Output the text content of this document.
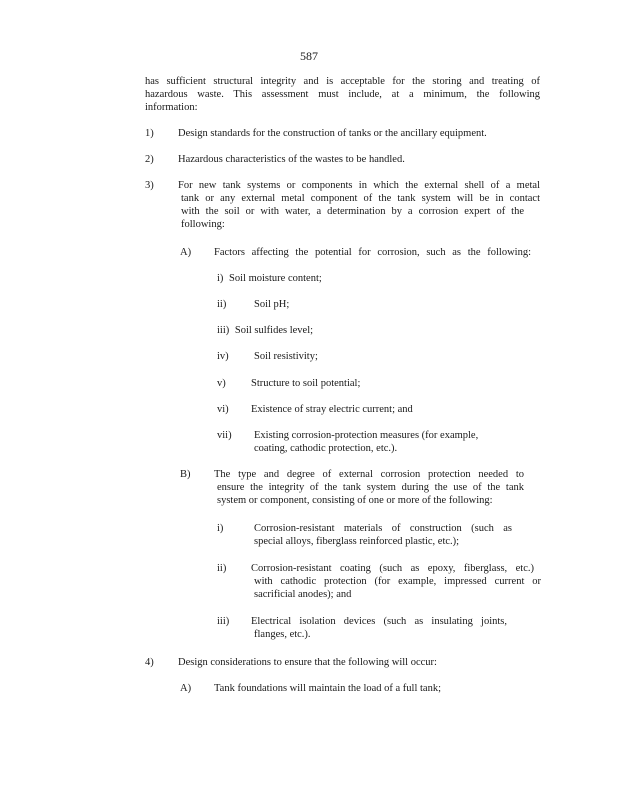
587
has sufficient structural integrity and is acceptable for the storing and treating of
hazardous waste. This assessment must include, at a minimum, the following
information:
1) Design standards for the construction of tanks or the ancillary equipment.
2) Hazardous characteristics of the wastes to be handled.
3) For new tank systems or components in which the external shell of a metal
tank or any external metal component of the tank system will be in contact
with the soil or with water, a determination by a corrosion expert of the
following:
A) Factors affecting the potential for corrosion, such as the following:
i) Soil moisture content;
ii)	Soil pH;
iii) Soil sulfides level;
iv) Soil resistivity;
v) Structure to soil potential;
vi) Existence of stray electric current; and
vii) Existing corrosion-protection measures (for example,
coating, cathodic protection, etc.).
B) The type and degree of external corrosion protection needed to
ensure the integrity of the tank system during the use of the tank
system or component, consisting of one or more of the following:
i)	Corrosion-resistant materials of construction (such as
special alloys, fiberglass reinforced plastic, etc.);
ii) Corrosion-resistant coating (such as epoxy, fiberglass, etc.)
with cathodic protection (for example, impressed current or
sacrificial anodes); and
iii) Electrical isolation devices (such as insulating joints,
flanges, etc.).
4) Design considerations to ensure that the following will occur:
A) Tank foundations will maintain the load of a full tank;
